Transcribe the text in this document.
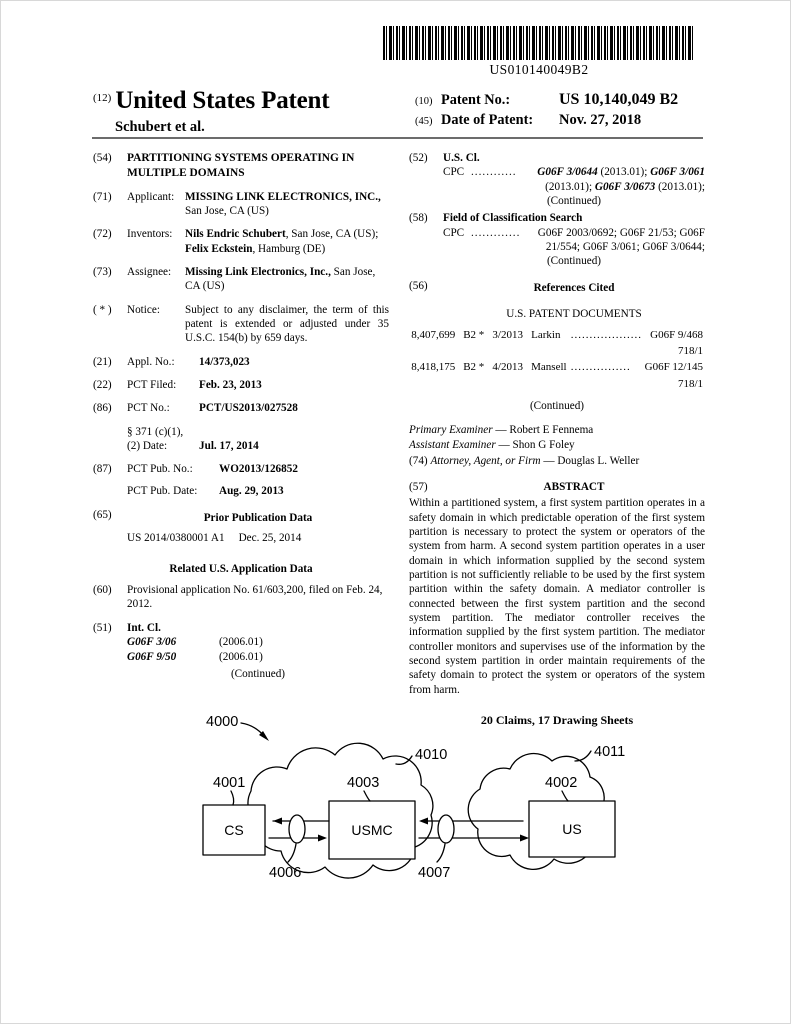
US010140049B2
$^{(12)}$ United States Patent
Schubert et al.
(10) Patent No.:	US 10,140,049 B2
(45) Date of Patent:	Nov. 27, 2018
(54)	PARTITIONING SYSTEMS OPERATING IN MULTIPLE DOMAINS
(71)	Applicant: MISSING LINK ELECTRONICS, INC., San Jose, CA (US)
(72)	Inventors:	Nils Endric Schubert, San Jose, CA (US); Felix Eckstein, Hamburg (DE)
(73)	Assignee:	Missing Link Electronics, Inc., San Jose, CA (US)
( * )	Notice:	Subject to any disclaimer, the term of this patent is extended or adjusted under 35 U.S.C. 154(b) by 659 days.
(21)	Appl. No.:	14/373,023
(22)	PCT Filed:	Feb. 23, 2013
(86)	PCT No.:	PCT/US2013/027528
§ 371 (c)(1),
(2) Date:	Jul. 17, 2014
(87)	PCT Pub. No.:	WO2013/126852
PCT Pub. Date:	Aug. 29, 2013
(65)	Prior Publication Data
US 2014/0380001 A1 Dec. 25, 2014
Related U.S. Application Data
(60)	Provisional application No. 61/603,200, filed on Feb. 24, 2012.
(51)	Int. Cl.
G06F 3/06	(2006.01)
G06F 9/50	(2006.01)
(Continued)
(52)	U.S. Cl.
CPC ............	G06F 3/0644 (2013.01); G06F 3/061 (2013.01); G06F 3/0673 (2013.01);
(Continued)
(58)	Field of Classification Search
CPC .............	G06F 2003/0692; G06F 21/53; G06F 21/554; G06F 3/061; G06F 3/0644;
(Continued)
(56)	References Cited
U.S. PATENT DOCUMENTS
8,407,699	B2 *	3/2013	Larkin	...................	G06F 9/468
718/1					
8,418,175	B2 *	4/2013	Mansell	................	G06F 12/145
718/1					
(Continued)
Primary Examiner — Robert E Fennema
Assistant Examiner — Shon G Foley
(74) Attorney, Agent, or Firm — Douglas L. Weller
(57)	ABSTRACT
Within a partitioned system, a first system partition operates in a safety domain in which predictable operation of the first system partition is necessary to protect the system or operators of the system from harm. A second system partition operates in a user domain in which information supplied by the second system partition is not sufficiently reliable to be used by the first system partition within the safety domain. A mediator controller is connected between the first system partition and the second system partition. The mediator controller receives the information supplied by the first system partition. The mediator controller monitors and supervises use of the information by the second system partition in order maintain requirements of the safety domain to protect the system or operators of the system from harm.
20 Claims, 17 Drawing Sheets
CS	USMC	US
4000
4010	4011
4001	4003	4002
4006	4007
